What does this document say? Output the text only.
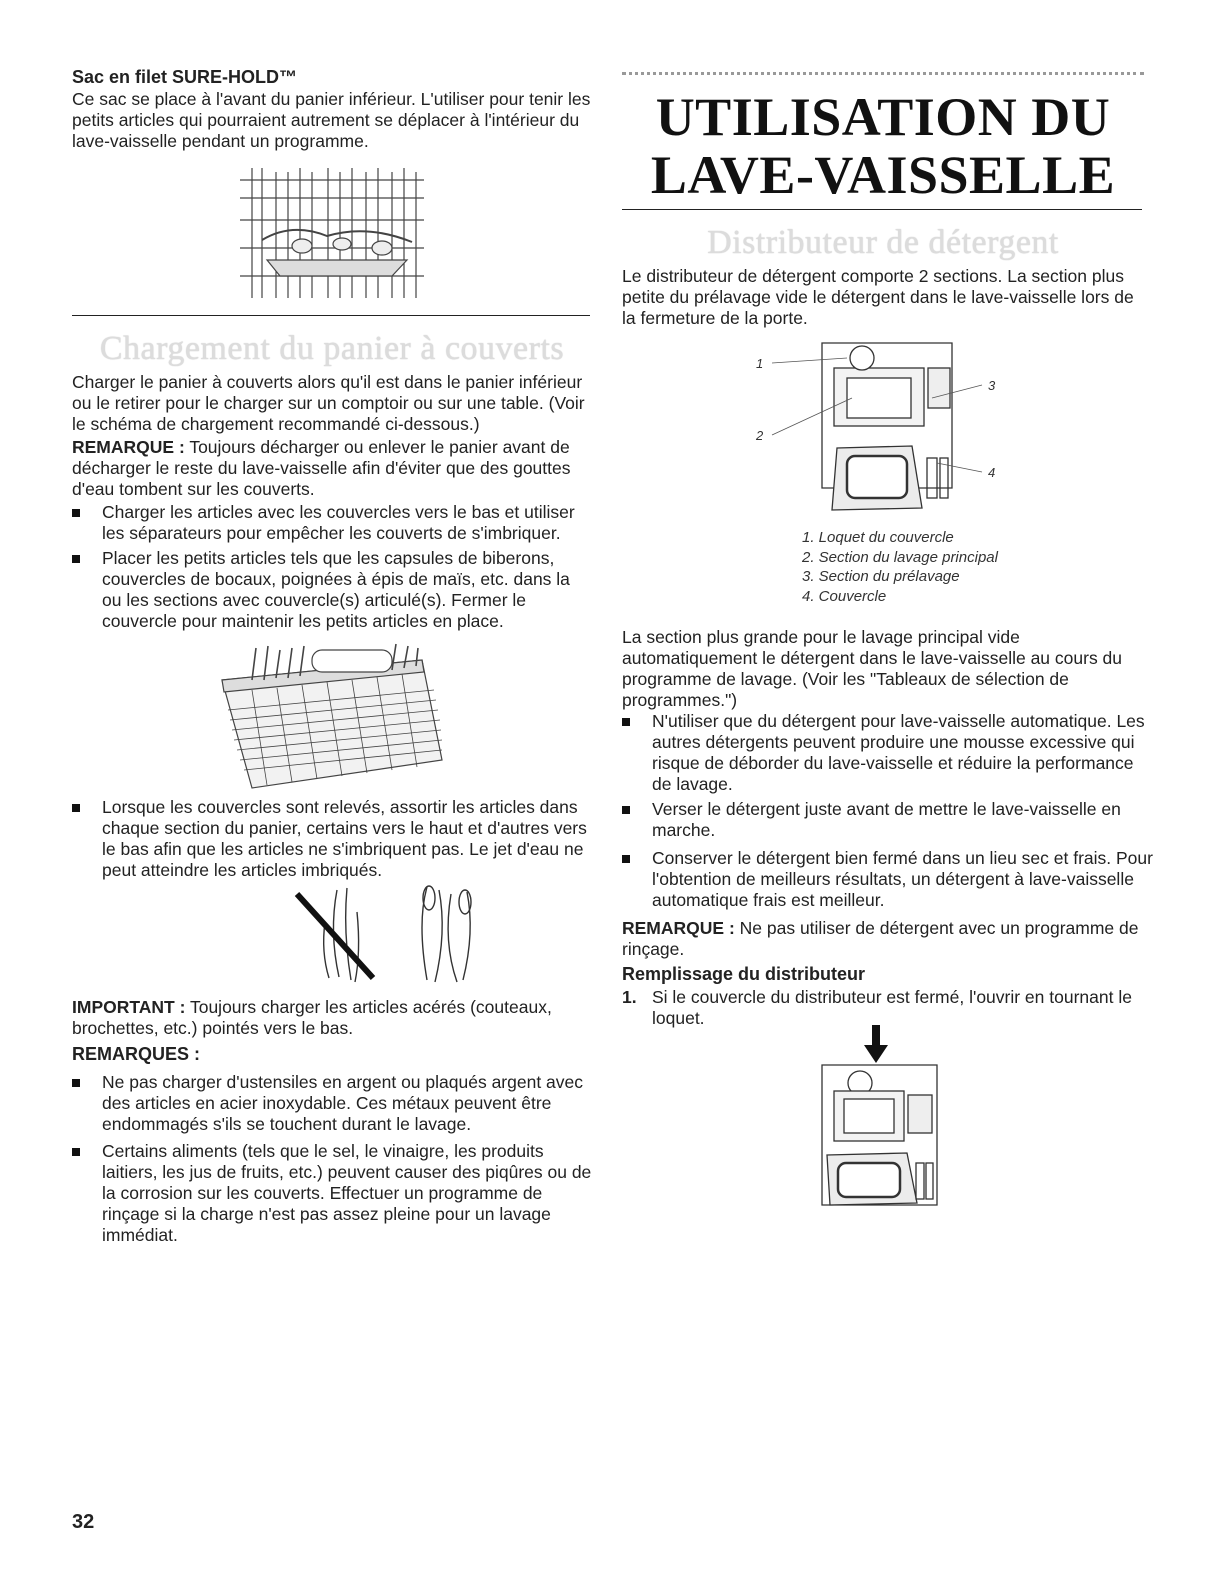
Sac en filet SURE-HOLD™

Ce sac se place à l'avant du panier inférieur. L'utiliser pour tenir les petits articles qui pourraient autrement se déplacer à l'intérieur du lave-vaisselle pendant un programme.

Chargement du panier à couverts

Charger le panier à couverts alors qu'il est dans le panier inférieur ou le retirer pour le charger sur un comptoir ou sur une table. (Voir le schéma de chargement recommandé ci-dessous.)

REMARQUE : Toujours décharger ou enlever le panier avant de décharger le reste du lave-vaisselle afin d'éviter que des gouttes d'eau tombent sur les couverts.

Charger les articles avec les couvercles vers le bas et utiliser les séparateurs pour empêcher les couverts de s'imbriquer.
Placer les petits articles tels que les capsules de biberons, couvercles de bocaux, poignées à épis de maïs, etc. dans la ou les sections avec couvercle(s) articulé(s). Fermer le couvercle pour maintenir les petits articles en place.
Lorsque les couvercles sont relevés, assortir les articles dans chaque section du panier, certains vers le haut et d'autres vers le bas afin que les articles ne s'imbriquent pas. Le jet d'eau ne peut atteindre les articles imbriqués.

IMPORTANT : Toujours charger les articles acérés (couteaux, brochettes, etc.) pointés vers le bas.

REMARQUES :

Ne pas charger d'ustensiles en argent ou plaqués argent avec des articles en acier inoxydable. Ces métaux peuvent être endommagés s'ils se touchent durant le lavage.
Certains aliments (tels que le sel, le vinaigre, les produits laitiers, les jus de fruits, etc.) peuvent causer des piqûres ou de la corrosion sur les couverts. Effectuer un programme de rinçage si la charge n'est pas assez pleine pour un lavage immédiat.

32

UTILISATION DU
LAVE-VAISSELLE
Distributeur de détergent

Le distributeur de détergent comporte 2 sections. La section plus petite du prélavage vide le détergent dans le lave-vaisselle lors de la fermeture de la porte.

1
2
3
4
1. Loquet du couvercle
2. Section du lavage principal
3. Section du prélavage
4. Couvercle

La section plus grande pour le lavage principal vide automatiquement le détergent dans le lave-vaisselle au cours du programme de lavage. (Voir les "Tableaux de sélection de programmes.")

N'utiliser que du détergent pour lave-vaisselle automatique. Les autres détergents peuvent produire une mousse excessive qui risque de déborder du lave-vaisselle et réduire la performance de lavage.
Verser le détergent juste avant de mettre le lave-vaisselle en marche.
Conserver le détergent bien fermé dans un lieu sec et frais. Pour l'obtention de meilleurs résultats, un détergent à lave-vaisselle automatique frais est meilleur.

REMARQUE : Ne pas utiliser de détergent avec un programme de rinçage.

Remplissage du distributeur

1. Si le couvercle du distributeur est fermé, l'ouvrir en tournant le loquet.
